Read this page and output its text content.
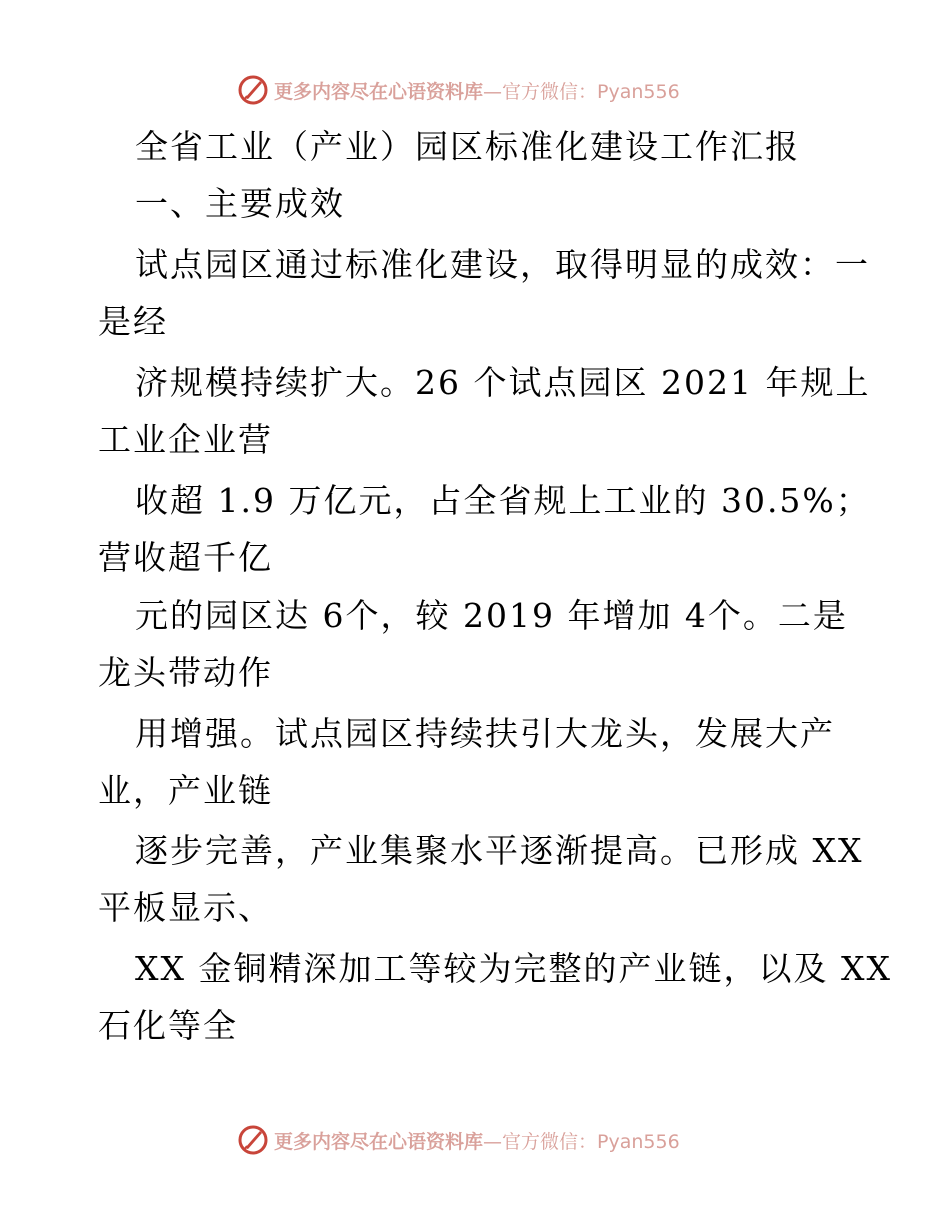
更多内容尽在心语资料库—官方微信：Pyan556
全省工业（产业）园区标准化建设工作汇报
一、主要成效
试点园区通过标准化建设，取得明显的成效：一
是经
济规模持续扩大。26 个试点园区 2021 年规上
工业企业营
收超 1.9 万亿元，占全省规上工业的 30.5%；
营收超千亿
元的园区达 6个，较 2019 年增加 4个。二是
龙头带动作
用增强。试点园区持续扶引大龙头，发展大产
业，产业链
逐步完善，产业集聚水平逐渐提高。已形成 XX
平板显示、
XX 金铜精深加工等较为完整的产业链，以及 XX
石化等全
更多内容尽在心语资料库—官方微信：Pyan556
